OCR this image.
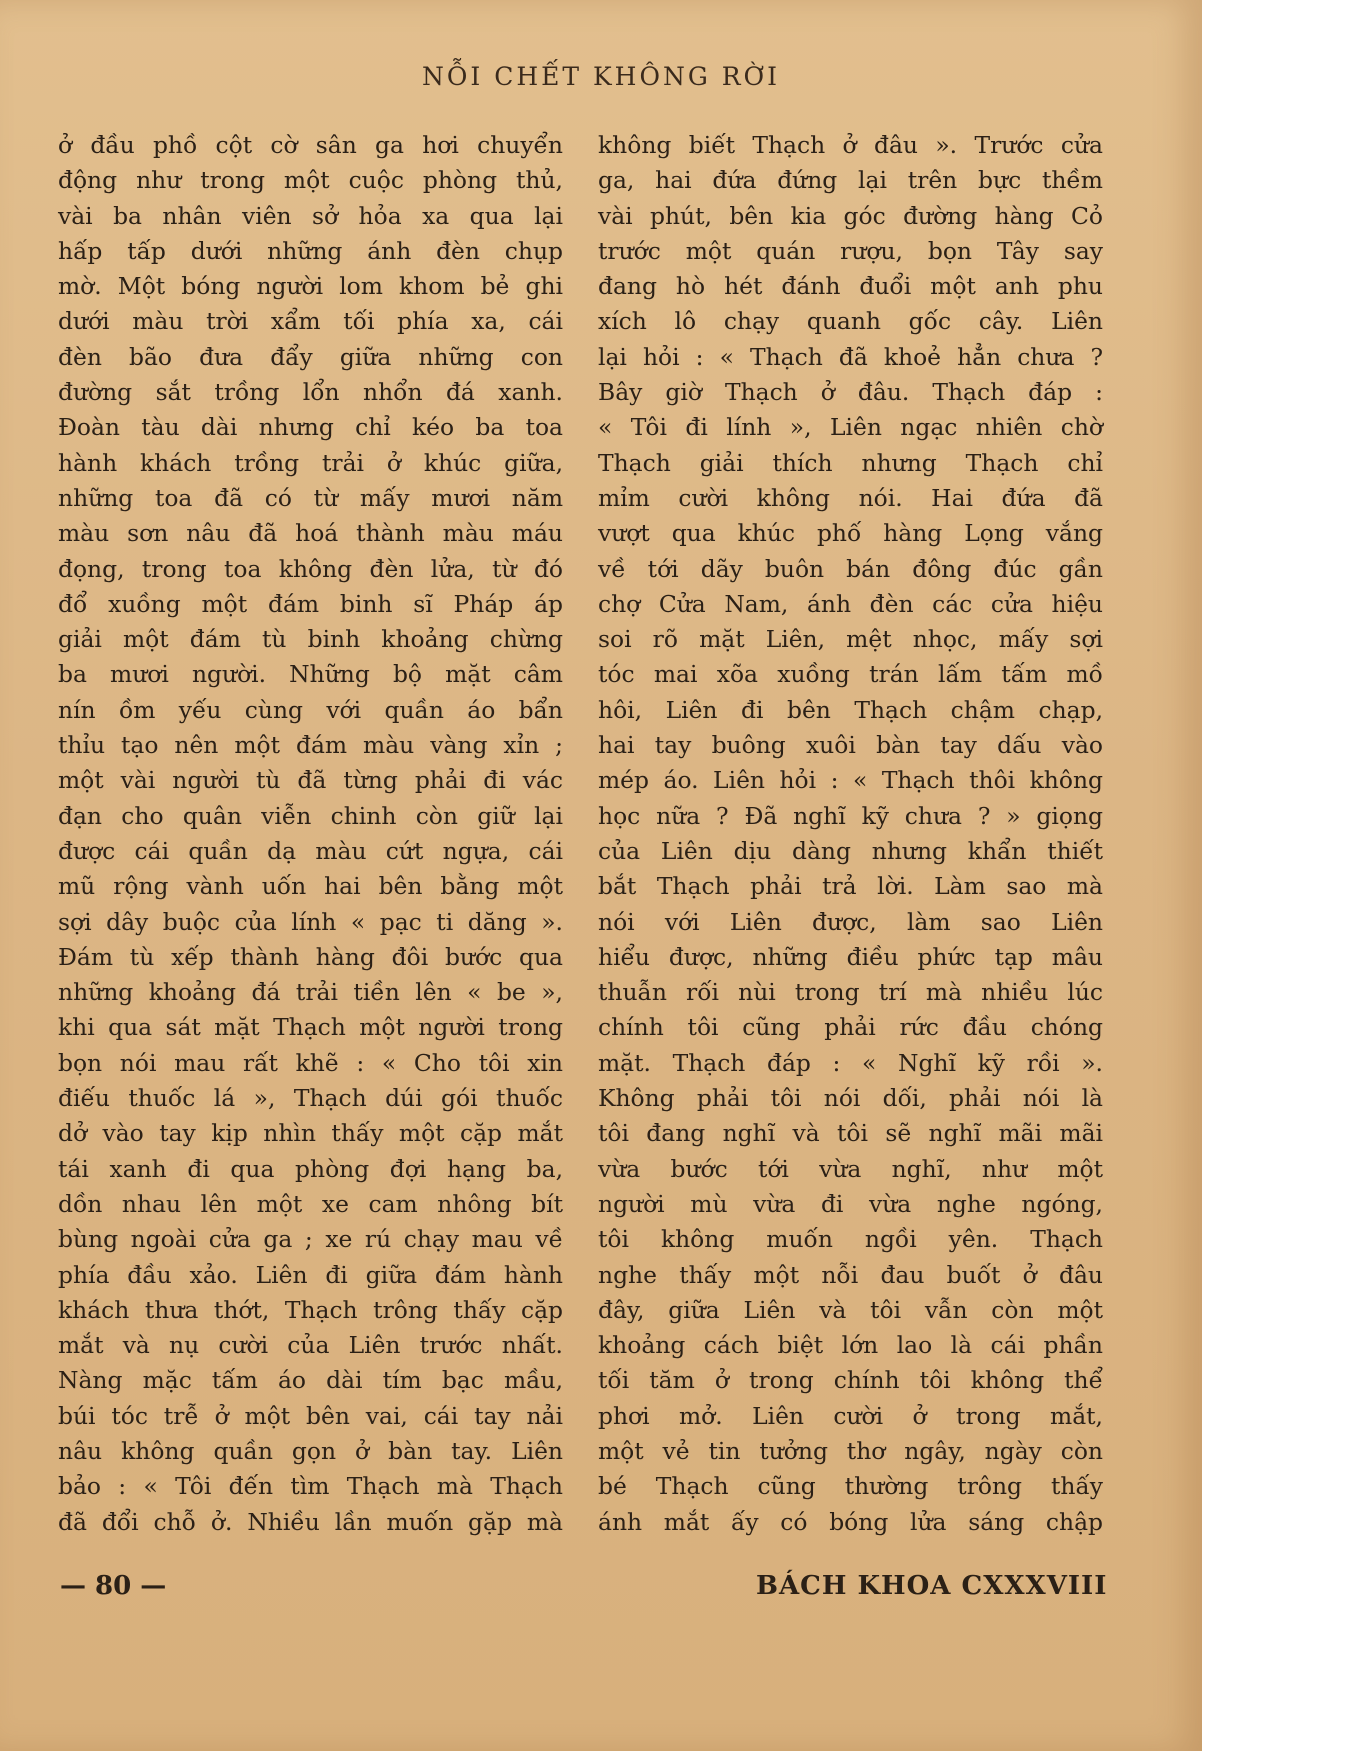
NỖI CHẾT KHÔNG RỜI
ở đầu phồ cột cờ sân ga hơi chuyển
động như trong một cuộc phòng thủ,
vài ba nhân viên sở hỏa xa qua lại
hấp tấp dưới những ánh đèn chụp
mờ. Một bóng người lom khom bẻ ghi
dưới màu trời xẩm tối phía xa, cái
đèn bão đưa đẩy giữa những con
đường sắt trồng lổn nhổn đá xanh.
Đoàn tàu dài nhưng chỉ kéo ba toa
hành khách trồng trải ở khúc giữa,
những toa đã có từ mấy mươi năm
màu sơn nâu đã hoá thành màu máu
đọng, trong toa không đèn lửa, từ đó
đổ xuồng một đám binh sĩ Pháp áp
giải một đám tù binh khoảng chừng
ba mươi người. Những bộ mặt câm
nín ồm yếu cùng với quần áo bẩn
thỉu tạo nên một đám màu vàng xỉn ;
một vài người tù đã từng phải đi vác
đạn cho quân viễn chinh còn giữ lại
được cái quần dạ màu cứt ngựa, cái
mũ rộng vành uốn hai bên bằng một
sợi dây buộc của lính « pạc ti dăng ».
Đám tù xếp thành hàng đôi bước qua
những khoảng đá trải tiền lên « be »,
khi qua sát mặt Thạch một người trong
bọn nói mau rất khẽ : « Cho tôi xin
điếu thuốc lá », Thạch dúi gói thuốc
dở vào tay kịp nhìn thấy một cặp mắt
tái xanh đi qua phòng đợi hạng ba,
dồn nhau lên một xe cam nhông bít
bùng ngoài cửa ga ; xe rú chạy mau về
phía đầu xảo. Liên đi giữa đám hành
khách thưa thớt, Thạch trông thấy cặp
mắt và nụ cười của Liên trước nhất.
Nàng mặc tấm áo dài tím bạc mầu,
búi tóc trễ ở một bên vai, cái tay nải
nâu không quần gọn ở bàn tay. Liên
bảo : « Tôi đến tìm Thạch mà Thạch
đã đổi chỗ ở. Nhiều lần muốn gặp mà
không biết Thạch ở đâu ». Trước cửa
ga, hai đứa đứng lại trên bực thềm
vài phút, bên kia góc đường hàng Cỏ
trước một quán rượu, bọn Tây say
đang hò hét đánh đuổi một anh phu
xích lô chạy quanh gốc cây. Liên
lại hỏi : « Thạch đã khoẻ hẳn chưa ?
Bây giờ Thạch ở đâu. Thạch đáp :
« Tôi đi lính », Liên ngạc nhiên chờ
Thạch giải thích nhưng Thạch chỉ
mỉm cười không nói. Hai đứa đã
vượt qua khúc phố hàng Lọng vắng
về tới dãy buôn bán đông đúc gần
chợ Cửa Nam, ánh đèn các cửa hiệu
soi rõ mặt Liên, mệt nhọc, mấy sợi
tóc mai xõa xuồng trán lấm tấm mồ
hôi, Liên đi bên Thạch chậm chạp,
hai tay buông xuôi bàn tay dấu vào
mép áo. Liên hỏi : « Thạch thôi không
học nữa ? Đã nghĩ kỹ chưa ? » giọng
của Liên dịu dàng nhưng khẩn thiết
bắt Thạch phải trả lời. Làm sao mà
nói với Liên được, làm sao Liên
hiểu được, những điều phức tạp mâu
thuẫn rối nùi trong trí mà nhiều lúc
chính tôi cũng phải rức đầu chóng
mặt. Thạch đáp : « Nghĩ kỹ rồi ».
Không phải tôi nói dối, phải nói là
tôi đang nghĩ và tôi sẽ nghĩ mãi mãi
vừa bước tới vừa nghĩ, như một
người mù vừa đi vừa nghe ngóng,
tôi không muốn ngồi yên. Thạch
nghe thấy một nỗi đau buốt ở đâu
đây, giữa Liên và tôi vẫn còn một
khoảng cách biệt lớn lao là cái phần
tối tăm ở trong chính tôi không thể
phơi mở. Liên cười ở trong mắt,
một vẻ tin tưởng thơ ngây, ngày còn
bé Thạch cũng thường trông thấy
ánh mắt ấy có bóng lửa sáng chập
— 80 —	BÁCH KHOA CXXXVIII
